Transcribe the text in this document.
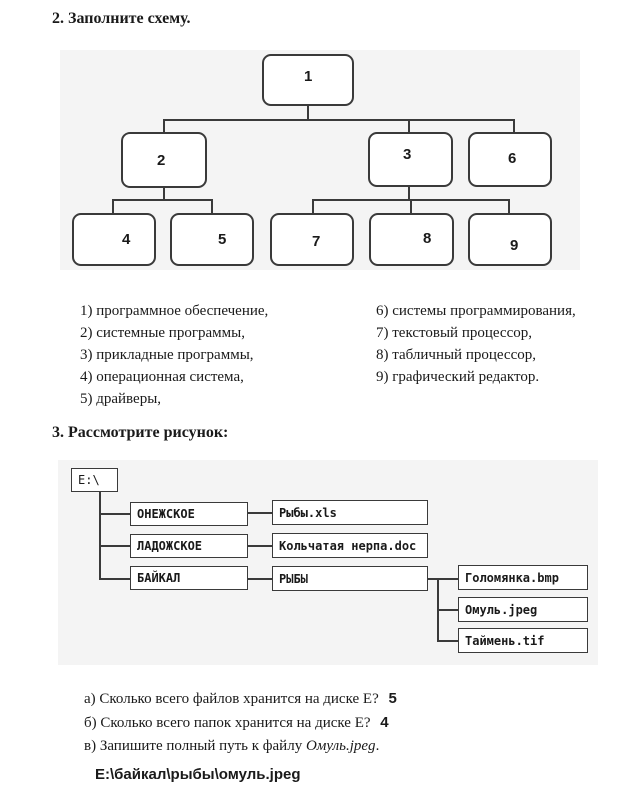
2. Заполните схему.
1
2	3	6
4	5	7	8	9
1) программное обеспечение,
2) системные программы,
3) прикладные программы,
4) операционная система,
5) драйверы,
6) системы программирования,
7) текстовый процессор,
8) табличный процессор,
9) графический редактор.
3. Рассмотрите рисунок:
E:\
ОНЕЖСКОЕ
ЛАДОЖСКОЕ
БАЙКАЛ
Рыбы.xls
Кольчатая нерпа.doc
РЫБЫ	Голомянка.bmp
Омуль.jpeg
Таймень.tif
а) Сколько всего файлов хранится на диске Е? 5
б) Сколько всего папок хранится на диске Е? 4
в) Запишите полный путь к файлу Омуль.jpeg.
E:\байкал\рыбы\омуль.jpeg
